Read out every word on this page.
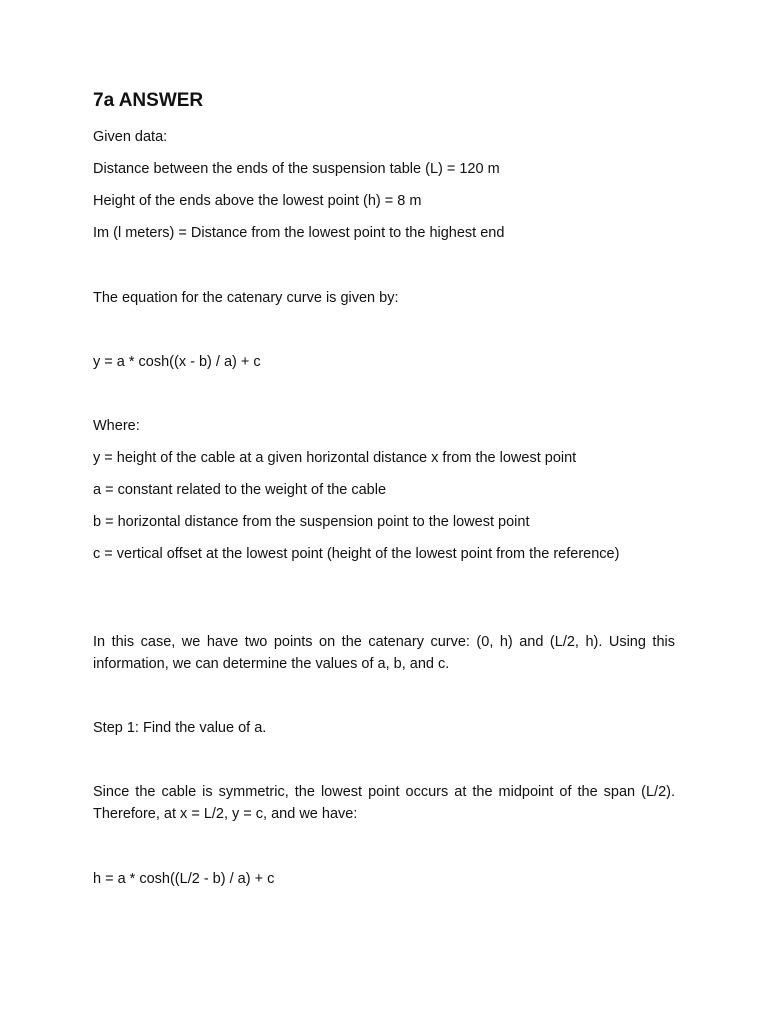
7a ANSWER
Given data:
Distance between the ends of the suspension table (L) = 120 m
Height of the ends above the lowest point (h) = 8 m
Im (l meters) = Distance from the lowest point to the highest end
The equation for the catenary curve is given by:
y = a * cosh((x - b) / a) + c
Where:
y = height of the cable at a given horizontal distance x from the lowest point
a = constant related to the weight of the cable
b = horizontal distance from the suspension point to the lowest point
c = vertical offset at the lowest point (height of the lowest point from the reference)
In this case, we have two points on the catenary curve: (0, h) and (L/2, h). Using this information, we can determine the values of a, b, and c.
Step 1: Find the value of a.
Since the cable is symmetric, the lowest point occurs at the midpoint of the span (L/2). Therefore, at x = L/2, y = c, and we have:
h = a * cosh((L/2 - b) / a) + c
